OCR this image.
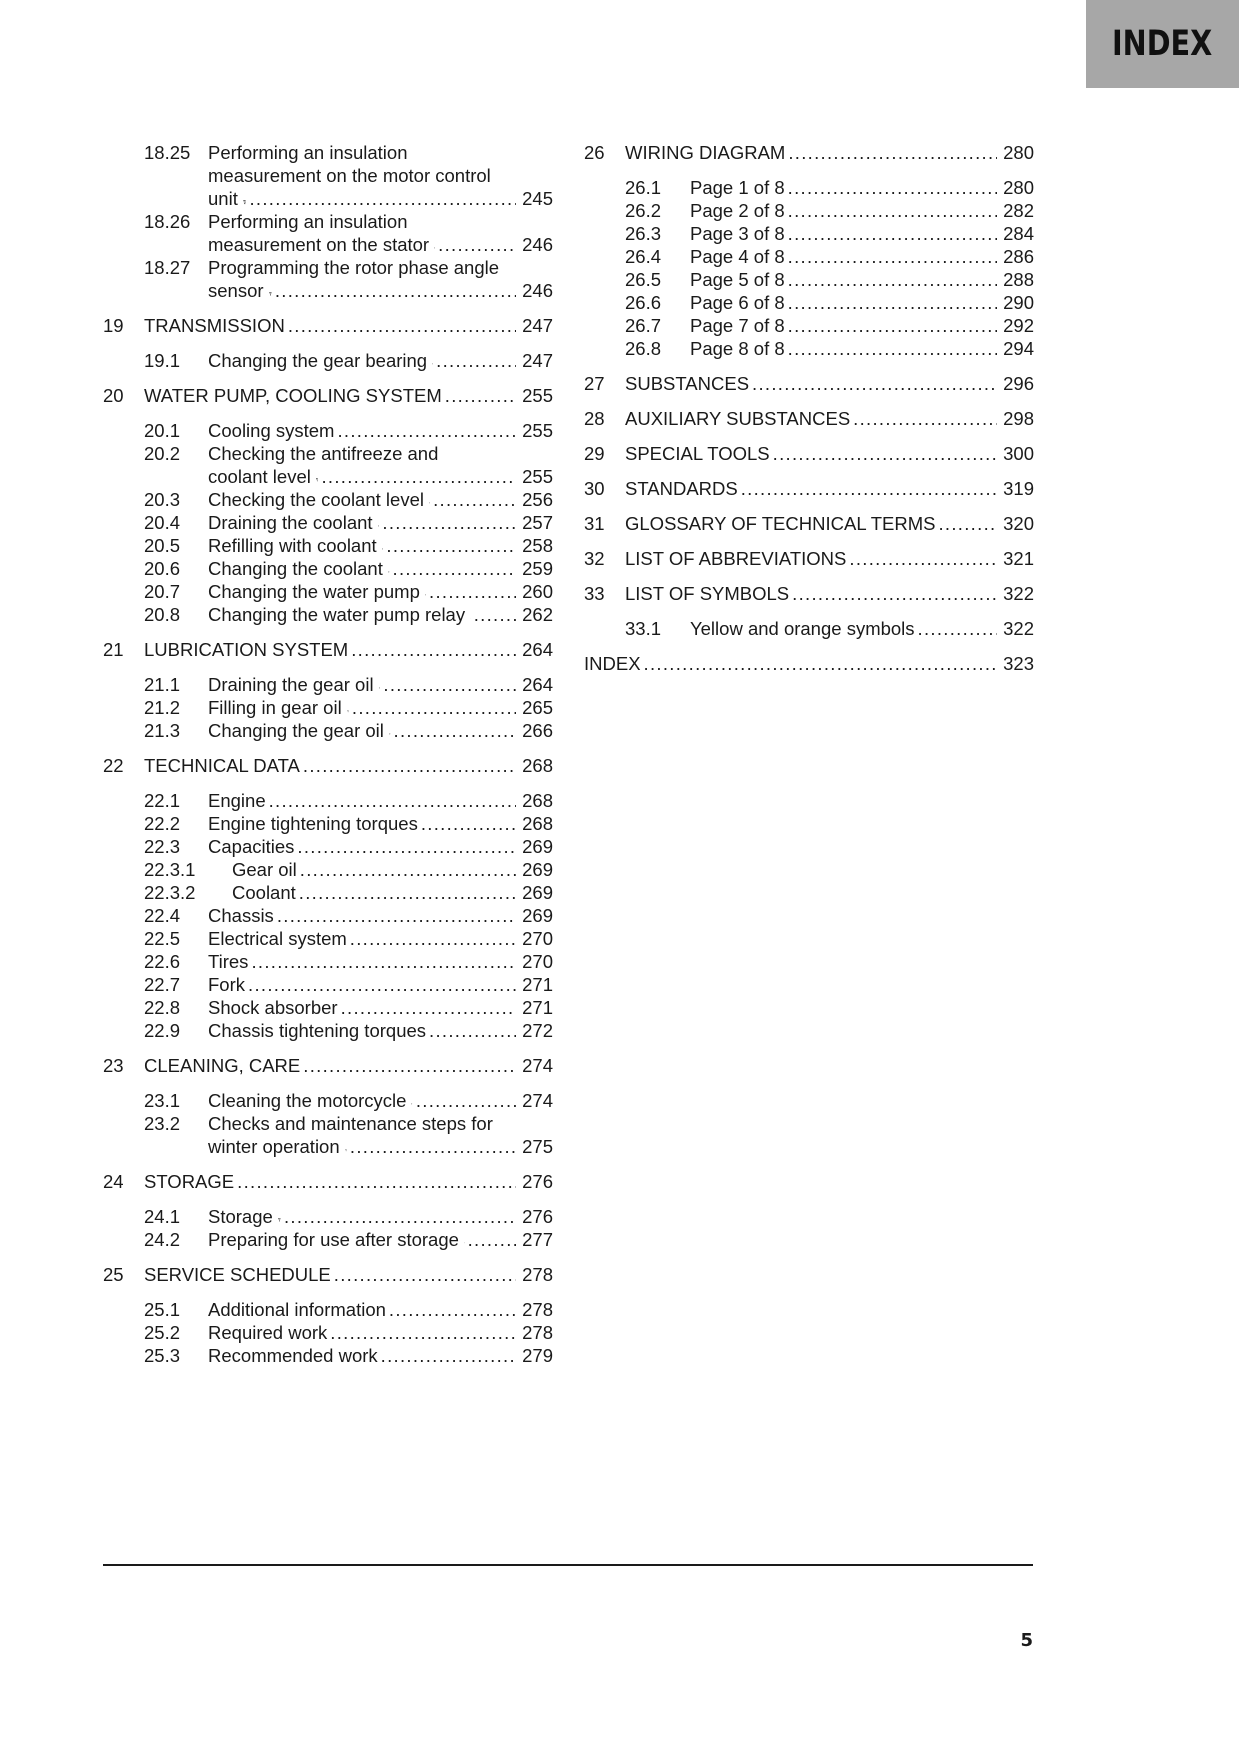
INDEX
18.25 Performing an insulation
measurement on the motor control
unit .....	245
18.26 Performing an insulation
measurement on the stator .....	246
18.27 Programming the rotor phase angle
sensor .....	246
19	TRANSMISSION .....	247
19.1	Changing the gear bearing .....	247
20	WATER PUMP, COOLING SYSTEM .....	255
20.1	Cooling system .....	255
20.2 Checking the antifreeze and
coolant level .....	255
20.3	Checking the coolant level .....	256
20.4	Draining the coolant .....	257
20.5	Refilling with coolant .....	258
20.6	Changing the coolant .....	259
20.7	Changing the water pump .....	260
20.8	Changing the water pump relay .....	262
21	LUBRICATION SYSTEM .....	264
21.1	Draining the gear oil .....	264
21.2	Filling in gear oil .....	265
21.3	Changing the gear oil .....	266
22	TECHNICAL DATA .....	268
22.1	Engine .....	268
22.2	Engine tightening torques .....	268
22.3	Capacities .....	269
22.3.1	Gear oil .....	269
22.3.2	Coolant .....	269
22.4	Chassis .....	269
22.5	Electrical system .....	270
22.6	Tires .....	270
22.7	Fork .....	271
22.8	Shock absorber .....	271
22.9	Chassis tightening torques .....	272
23	CLEANING, CARE .....	274
23.1	Cleaning the motorcycle .....	274
23.2 Checks and maintenance steps for
winter operation .....	275
24	STORAGE .....	276
24.1	Storage .....	276
24.2	Preparing for use after storage .....	277
25	SERVICE SCHEDULE .....	278
25.1	Additional information .....	278
25.2	Required work .....	278
25.3	Recommended work .....	279
26	WIRING DIAGRAM .....	280
26.1	Page 1 of 8 .....	280
26.2	Page 2 of 8 .....	282
26.3	Page 3 of 8 .....	284
26.4	Page 4 of 8 .....	286
26.5	Page 5 of 8 .....	288
26.6	Page 6 of 8 .....	290
26.7	Page 7 of 8 .....	292
26.8	Page 8 of 8 .....	294
27	SUBSTANCES .....	296
28	AUXILIARY SUBSTANCES .....	298
29	SPECIAL TOOLS .....	300
30	STANDARDS .....	319
31	GLOSSARY OF TECHNICAL TERMS .....	320
32	LIST OF ABBREVIATIONS .....	321
33	LIST OF SYMBOLS .....	322
33.1	Yellow and orange symbols .....	322
INDEX .....	323
5
